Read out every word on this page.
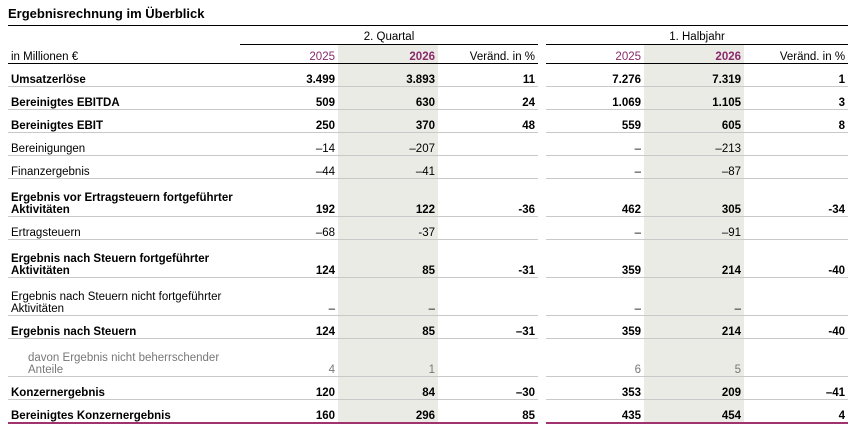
Ergebnisrechnung im Überblick
	2. Quartal				1. Halbjahr		
in Millionen €	2025	2026	Veränd. in %		2025	2026	Veränd. in %
Umsatzerlöse	3.499	3.893	11		7.276	7.319	1
Bereinigtes EBITDA	509	630	24		1.069	1.105	3
Bereinigtes EBIT	250	370	48		559	605	8
Bereinigungen	–14	–207			–	–213	
Finanzergebnis	–44	–41			–	–87	
Ergebnis vor Ertragsteuern fortgeführter Aktivitäten	192	122	-36		462	305	-34
Ertragsteuern	–68	-37			–	–91	
Ergebnis nach Steuern fortgeführter Aktivitäten	124	85	-31		359	214	-40
Ergebnis nach Steuern nicht fortgeführter Aktivitäten	–	–			–	–	
Ergebnis nach Steuern	124	85	–31		359	214	-40
davon Ergebnis nicht beherrschender Anteile	4	1			6	5	
Konzernergebnis	120	84	–30		353	209	–41
Bereinigtes Konzernergebnis	160	296	85		435	454	4
